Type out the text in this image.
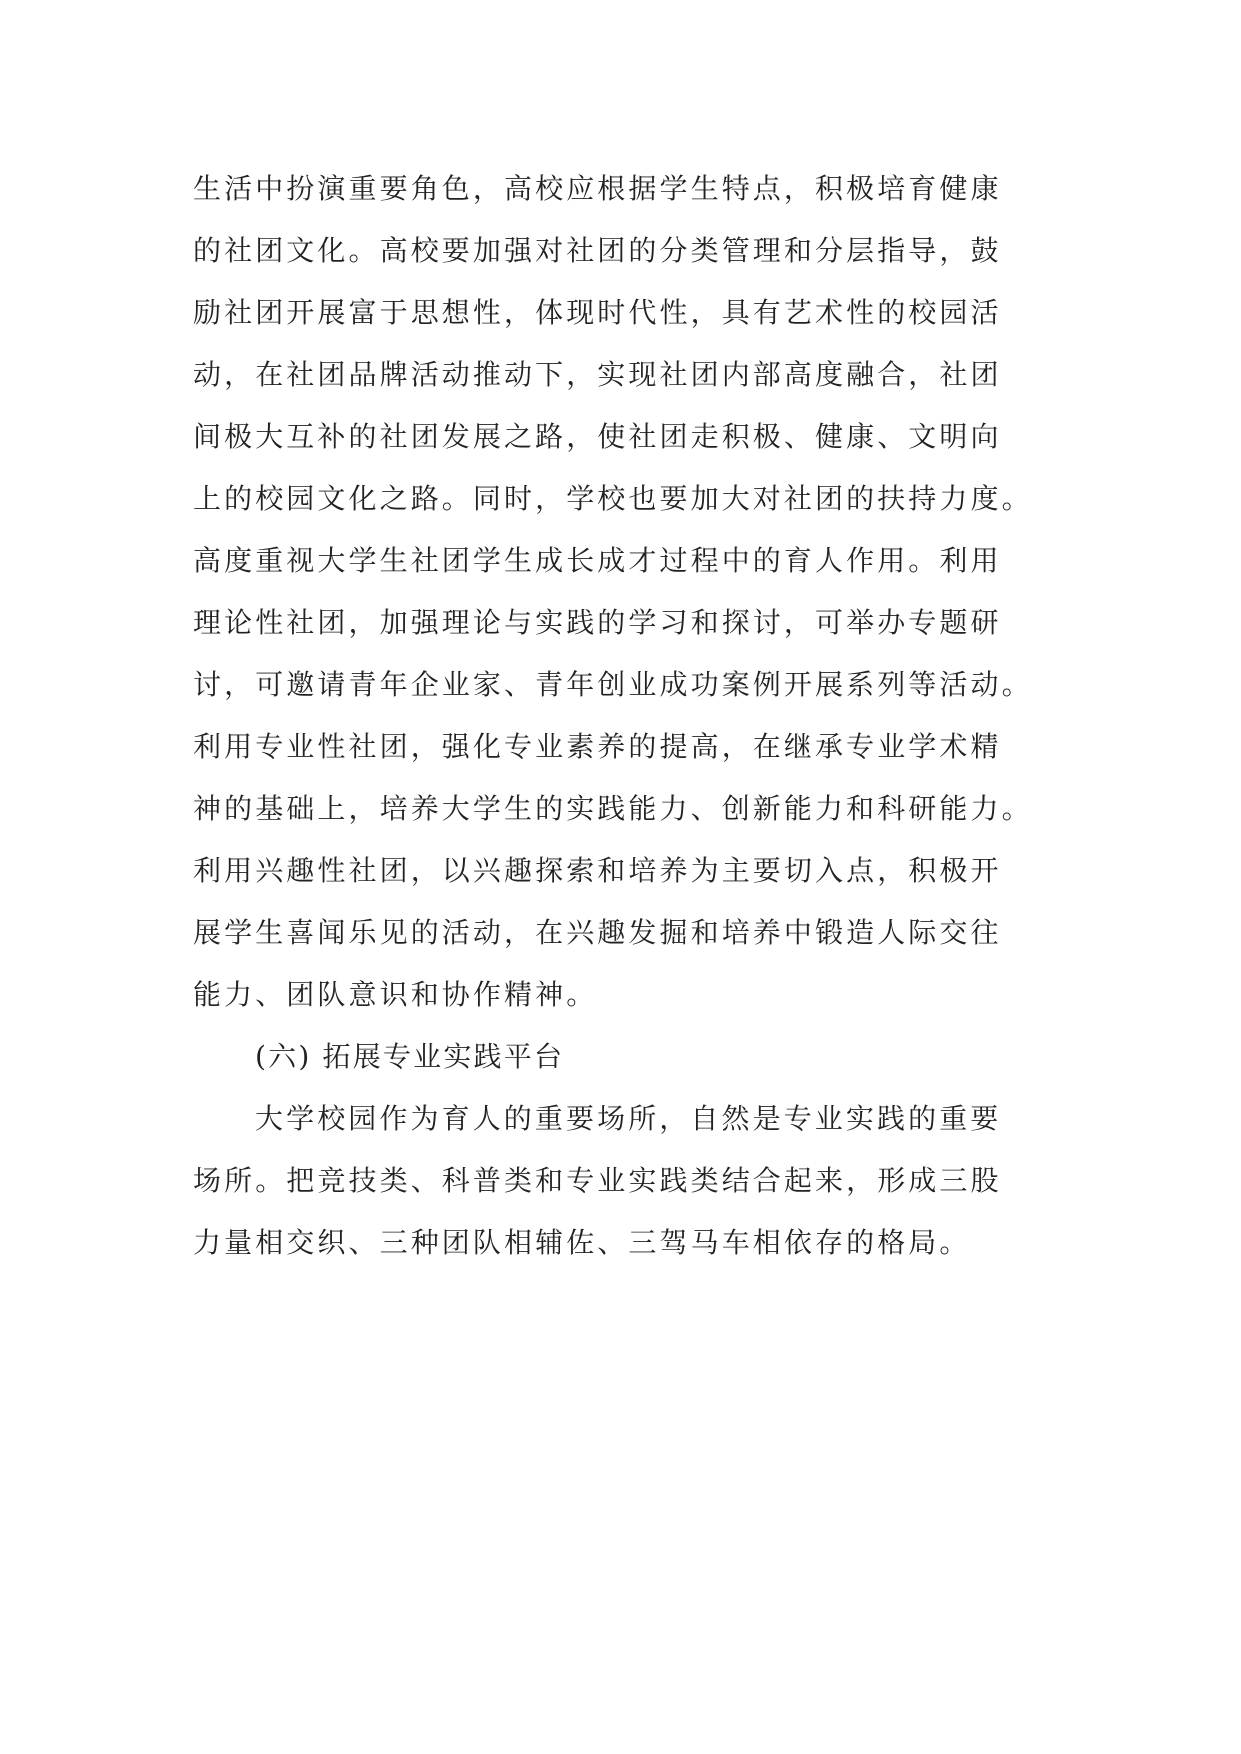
生活中扮演重要角色，高校应根据学生特点，积极培育健康
的社团文化。高校要加强对社团的分类管理和分层指导，鼓
励社团开展富于思想性，体现时代性，具有艺术性的校园活
动，在社团品牌活动推动下，实现社团内部高度融合，社团
间极大互补的社团发展之路，使社团走积极、健康、文明向
上的校园文化之路。同时，学校也要加大对社团的扶持力度。
高度重视大学生社团学生成长成才过程中的育人作用。利用
理论性社团，加强理论与实践的学习和探讨，可举办专题研
讨，可邀请青年企业家、青年创业成功案例开展系列等活动。
利用专业性社团，强化专业素养的提高，在继承专业学术精
神的基础上，培养大学生的实践能力、创新能力和科研能力。
利用兴趣性社团，以兴趣探索和培养为主要切入点，积极开
展学生喜闻乐见的活动，在兴趣发掘和培养中锻造人际交往
能力、团队意识和协作精神。
(六) 拓展专业实践平台
大学校园作为育人的重要场所，自然是专业实践的重要
场所。把竞技类、科普类和专业实践类结合起来，形成三股
力量相交织、三种团队相辅佐、三驾马车相依存的格局。
